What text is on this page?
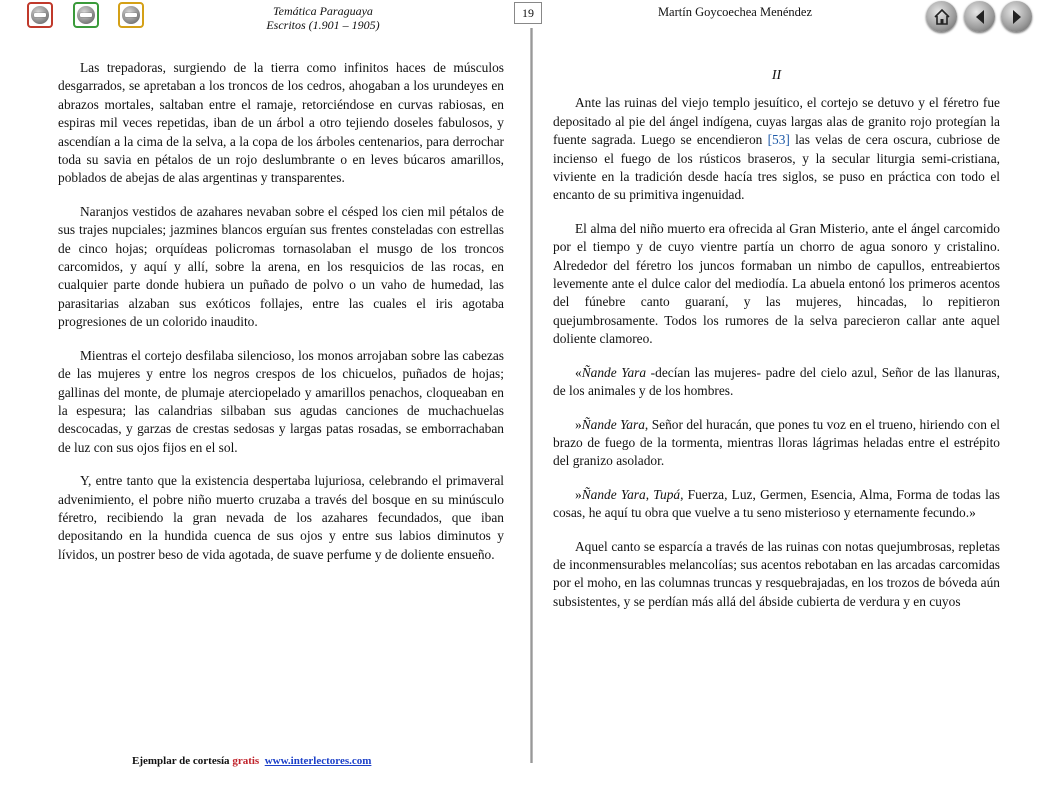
Temática Paraguaya
Escritos (1.901 – 1905)
19	Martín Goycoechea Menéndez

Las trepadoras, surgiendo de la tierra como infinitos haces de músculos desgarrados, se apretaban a los troncos de los cedros, ahogaban a los urundeyes en abrazos mortales, saltaban entre el ramaje, retorciéndose en curvas rabiosas, en espiras mil veces repetidas, iban de un árbol a otro tejiendo doseles fabulosos, y ascendían a la cima de la selva, a la copa de los árboles centenarios, para derrochar toda su savia en pétalos de un rojo deslumbrante o en leves búcaros amarillos, poblados de abejas de alas argentinas y transparentes.

Naranjos vestidos de azahares nevaban sobre el césped los cien mil pétalos de sus trajes nupciales; jazmines blancos erguían sus frentes consteladas con estrellas de cinco hojas; orquídeas policromas tornasolaban el musgo de los troncos carcomidos, y aquí y allí, sobre la arena, en los resquicios de las rocas, en cualquier parte donde hubiera un puñado de polvo o un vaho de humedad, las parasitarias alzaban sus exóticos follajes, entre las cuales el iris agotaba progresiones de un colorido inaudito.

Mientras el cortejo desfilaba silencioso, los monos arrojaban sobre las cabezas de las mujeres y entre los negros crespos de los chicuelos, puñados de hojas; gallinas del monte, de plumaje aterciopelado y amarillos penachos, cloqueaban en la espesura; las calandrias silbaban sus agudas canciones de muchachuelas descocadas, y garzas de crestas sedosas y largas patas rosadas, se emborrachaban de luz con sus ojos fijos en el sol.

Y, entre tanto que la existencia despertaba lujuriosa, celebrando el primaveral advenimiento, el pobre niño muerto cruzaba a través del bosque en su minúsculo féretro, recibiendo la gran nevada de los azahares fecundados, que iban depositando en la hundida cuenca de sus ojos y entre sus labios diminutos y lívidos, un postrer beso de vida agotada, de suave perfume y de doliente ensueño.

II

Ante las ruinas del viejo templo jesuítico, el cortejo se detuvo y el féretro fue depositado al pie del ángel indígena, cuyas largas alas de granito rojo protegían la fuente sagrada. Luego se encendieron [53] las velas de cera oscura, cubriose de incienso el fuego de los rústicos braseros, y la secular liturgia semi-cristiana, viviente en la tradición desde hacía tres siglos, se puso en práctica con todo el encanto de su primitiva ingenuidad.

El alma del niño muerto era ofrecida al Gran Misterio, ante el ángel carcomido por el tiempo y de cuyo vientre partía un chorro de agua sonoro y cristalino. Alrededor del féretro los juncos formaban un nimbo de capullos, entreabiertos levemente ante el dulce calor del mediodía. La abuela entonó los primeros acentos del fúnebre canto guaraní, y las mujeres, hincadas, lo repitieron quejumbrosamente. Todos los rumores de la selva parecieron callar ante aquel doliente clamoreo.

«Ñande Yara -decían las mujeres- padre del cielo azul, Señor de las llanuras, de los animales y de los hombres.

»Ñande Yara, Señor del huracán, que pones tu voz en el trueno, hiriendo con el brazo de fuego de la tormenta, mientras lloras lágrimas heladas entre el estrépito del granizo asolador.

»Ñande Yara, Tupá, Fuerza, Luz, Germen, Esencia, Alma, Forma de todas las cosas, he aquí tu obra que vuelve a tu seno misterioso y eternamente fecundo.»

Aquel canto se esparcía a través de las ruinas con notas quejumbrosas, repletas de inconmensurables melancolías; sus acentos rebotaban en las arcadas carcomidas por el moho, en las columnas truncas y resquebrajadas, en los trozos de bóveda aún subsistentes, y se perdían más allá del ábside cubierta de verdura y en cuyos

Ejemplar de cortesía gratis www.interlectores.com
